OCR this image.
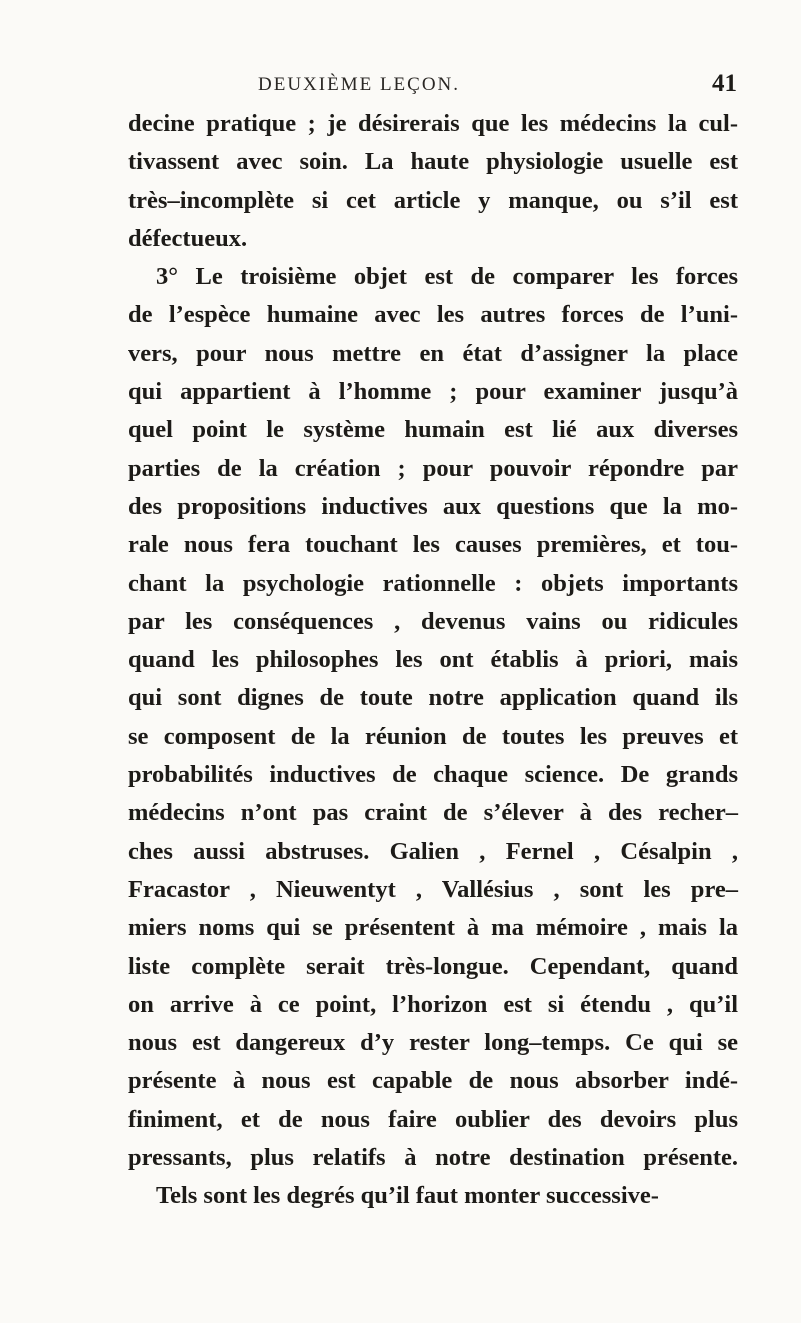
DEUXIÈME LEÇON.	41
decine pratique ; je désirerais que les médecins la cul-
tivassent avec soin. La haute physiologie usuelle est
très–incomplète si cet article y manque, ou s’il est
défectueux.
3° Le troisième objet est de comparer les forces
de l’espèce humaine avec les autres forces de l’uni-
vers, pour nous mettre en état d’assigner la place
qui appartient à l’homme ; pour examiner jusqu’à
quel point le système humain est lié aux diverses
parties de la création ; pour pouvoir répondre par
des propositions inductives aux questions que la mo-
rale nous fera touchant les causes premières, et tou-
chant la psychologie rationnelle : objets importants
par les conséquences , devenus vains ou ridicules
quand les philosophes les ont établis à priori, mais
qui sont dignes de toute notre application quand ils
se composent de la réunion de toutes les preuves et
probabilités inductives de chaque science. De grands
médecins n’ont pas craint de s’élever à des recher–
ches aussi abstruses. Galien , Fernel , Césalpin ,
Fracastor , Nieuwentyt , Vallésius , sont les pre–
miers noms qui se présentent à ma mémoire , mais la
liste complète serait très-longue. Cependant, quand
on arrive à ce point, l’horizon est si étendu , qu’il
nous est dangereux d’y rester long–temps. Ce qui se
présente à nous est capable de nous absorber indé-
finiment, et de nous faire oublier des devoirs plus
pressants, plus relatifs à notre destination présente.
Tels sont les degrés qu’il faut monter successive-
